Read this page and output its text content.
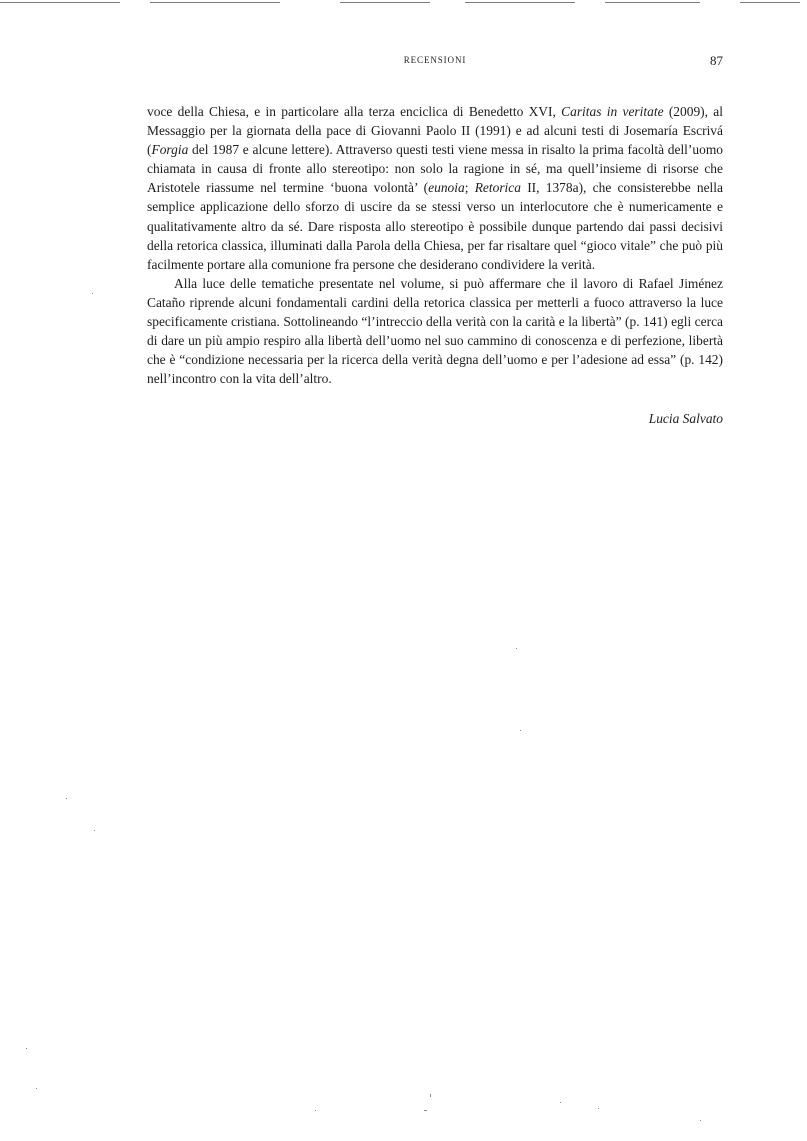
RECENSIONI	87

voce della Chiesa, e in particolare alla terza enciclica di Benedetto XVI, Caritas in veritate (2009), al Messaggio per la giornata della pace di Giovanni Paolo II (1991) e ad alcuni testi di Josemaría Escrivá (Forgia del 1987 e alcune lettere). Attraverso questi testi viene messa in risalto la prima facoltà dell’uomo chiamata in causa di fronte allo stereotipo: non solo la ragione in sé, ma quell’insieme di risorse che Aristotele riassume nel termine ‘buona volontà’ (eunoia; Retorica II, 1378a), che consisterebbe nella semplice applicazione dello sforzo di uscire da se stessi verso un interlocutore che è numericamente e qualitativamente altro da sé. Dare risposta allo stereotipo è possibile dunque partendo dai passi decisivi della retorica classica, illuminati dalla Parola della Chiesa, per far risaltare quel “gioco vitale” che può più facilmente portare alla comunione fra persone che desiderano condividere la verità.

Alla luce delle tematiche presentate nel volume, si può affermare che il lavoro di Rafael Jiménez Cataño riprende alcuni fondamentali cardini della retorica classica per metterli a fuoco attraverso la luce specificamente cristiana. Sottolineando “l’intreccio della verità con la carità e la libertà” (p. 141) egli cerca di dare un più ampio respiro alla libertà dell’uomo nel suo cammino di conoscenza e di perfezione, libertà che è “condizione necessaria per la ricerca della verità degna dell’uomo e per l’adesione ad essa” (p. 142) nell’incontro con la vita dell’altro.

Lucia Salvato
